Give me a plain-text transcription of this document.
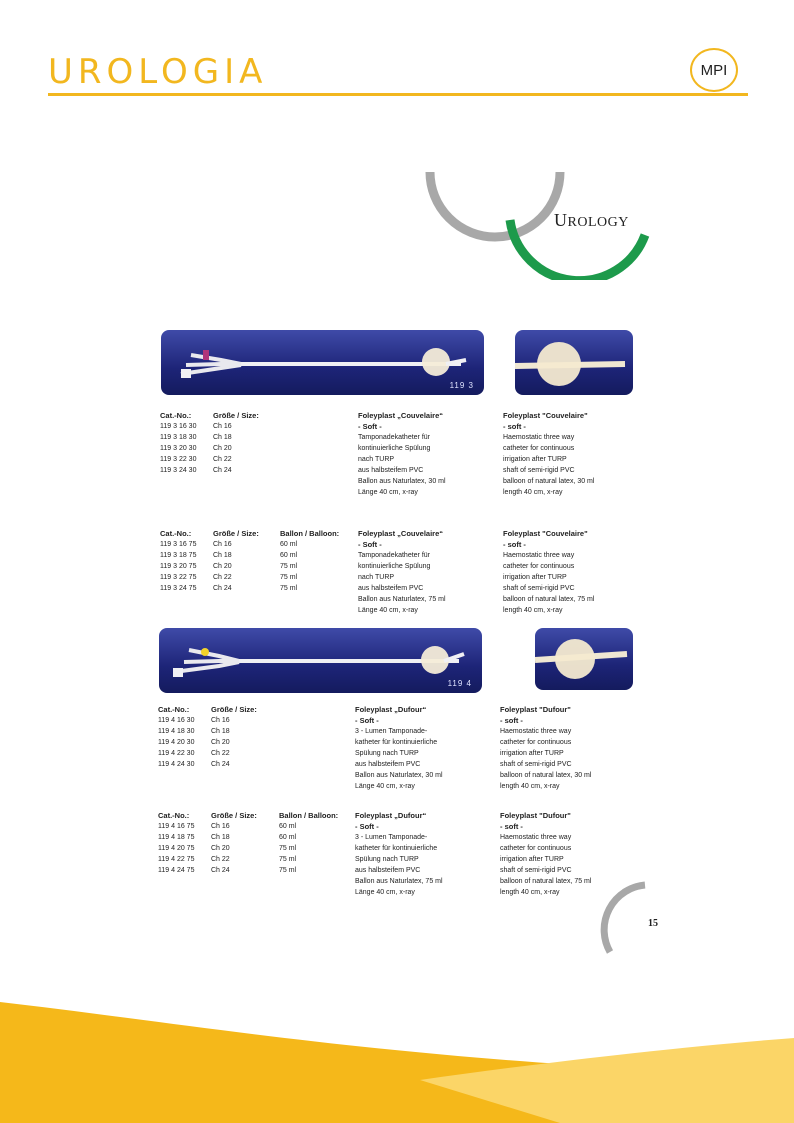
UROLOGIA	MPI
UROLOGY
119 3
119 4
Cat.-No.:
119 3 16 30
119 3 18 30
119 3 20 30
119 3 22 30
119 3 24 30
Größe / Size:
Ch 16
Ch 18
Ch 20
Ch 22
Ch 24
Foleyplast „Couvelaire“
- Soft -
Tamponadekatheter für
kontinuierliche Spülung
nach TURP
aus halbsteifem PVC
Ballon aus Naturlatex, 30 ml
Länge 40 cm, x-ray
Foleyplast "Couvelaire"
- soft -
Haemostatic three way
catheter for continuous
irrigation after TURP
shaft of semi-rigid PVC
balloon of natural latex, 30 ml
length 40 cm, x-ray
Cat.-No.:
119 3 16 75
119 3 18 75
119 3 20 75
119 3 22 75
119 3 24 75
Größe / Size:
Ch 16
Ch 18
Ch 20
Ch 22
Ch 24
Ballon / Balloon:
60 ml
60 ml
75 ml
75 ml
75 ml
Foleyplast „Couvelaire“
- Soft -
Tamponadekatheter für
kontinuierliche Spülung
nach TURP
aus halbsteifem PVC
Ballon aus Naturlatex, 75 ml
Länge 40 cm, x-ray
Foleyplast "Couvelaire"
- soft -
Haemostatic three way
catheter for continuous
irrigation after TURP
shaft of semi-rigid PVC
balloon of natural latex, 75 ml
length 40 cm, x-ray
Cat.-No.:
119 4 16 30
119 4 18 30
119 4 20 30
119 4 22 30
119 4 24 30
Größe / Size:
Ch 16
Ch 18
Ch 20
Ch 22
Ch 24
Foleyplast „Dufour“
- Soft -
3 - Lumen Tamponade-
katheter für kontinuierliche
Spülung nach TURP
aus halbsteifem PVC
Ballon aus Naturlatex, 30 ml
Länge 40 cm, x-ray
Foleyplast "Dufour"
- soft -
Haemostatic three way
catheter for continuous
irrigation after TURP
shaft of semi-rigid PVC
balloon of natural latex, 30 ml
length 40 cm, x-ray
Cat.-No.:
119 4 16 75
119 4 18 75
119 4 20 75
119 4 22 75
119 4 24 75
Größe / Size:
Ch 16
Ch 18
Ch 20
Ch 22
Ch 24
Ballon / Balloon:
60 ml
60 ml
75 ml
75 ml
75 ml
Foleyplast „Dufour“
- Soft -
3 - Lumen Tamponade-
katheter für kontinuierliche
Spülung nach TURP
aus halbsteifem PVC
Ballon aus Naturlatex, 75 ml
Länge 40 cm, x-ray
Foleyplast "Dufour"
- soft -
Haemostatic three way
catheter for continuous
irrigation after TURP
shaft of semi-rigid PVC
balloon of natural latex, 75 ml
length 40 cm, x-ray
15
